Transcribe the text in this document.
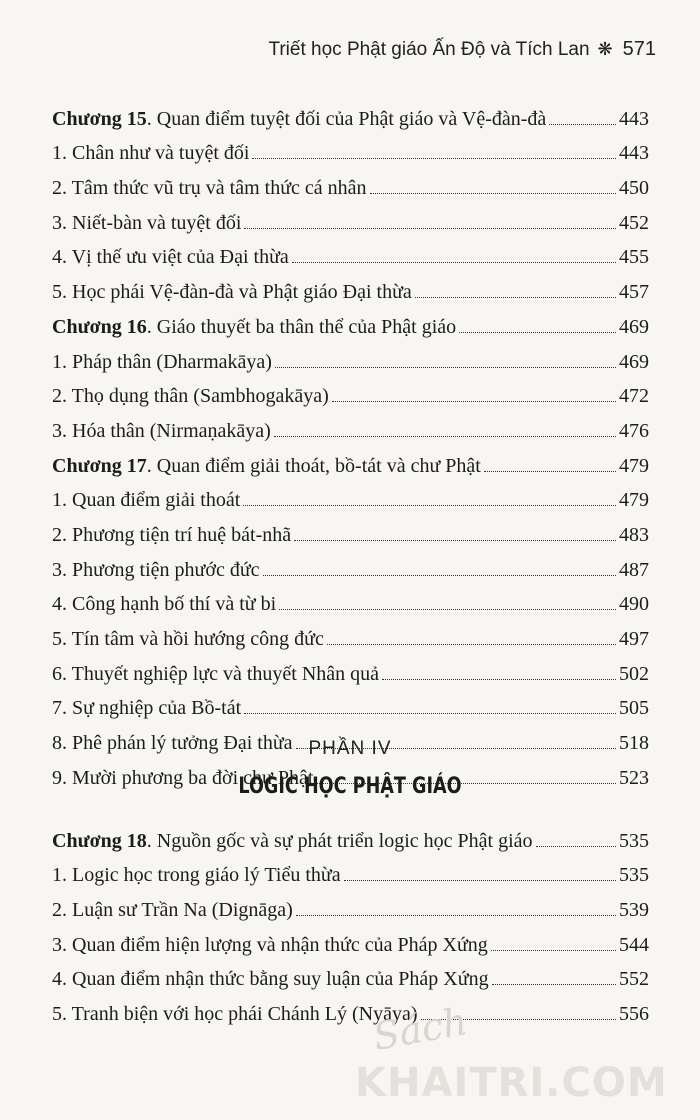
Triết học Phật giáo Ấn Độ và Tích Lan ❋ 571
Chương 15. Quan điểm tuyệt đối của Phật giáo và Vệ-đàn-đà	443
1. Chân như và tuyệt đối	443
2. Tâm thức vũ trụ và tâm thức cá nhân	450
3. Niết-bàn và tuyệt đối	452
4. Vị thế ưu việt của Đại thừa	455
5. Học phái Vệ-đàn-đà và Phật giáo Đại thừa	457
Chương 16. Giáo thuyết ba thân thể của Phật giáo	469
1. Pháp thân (Dharmakāya)	469
2. Thọ dụng thân (Sambhogakāya)	472
3. Hóa thân (Nirmaṇakāya)	476
Chương 17. Quan điểm giải thoát, bồ-tát và chư Phật	479
1. Quan điểm giải thoát	479
2. Phương tiện trí huệ bát-nhã	483
3. Phương tiện phước đức	487
4. Công hạnh bố thí và từ bi	490
5. Tín tâm và hồi hướng công đức	497
6. Thuyết nghiệp lực và thuyết Nhân quả	502
7. Sự nghiệp của Bồ-tát	505
8. Phê phán lý tưởng Đại thừa	518
9. Mười phương ba đời chư Phật	523
PHẦN IV
LOGIC HỌC PHẬT GIÁO
Chương 18. Nguồn gốc và sự phát triển logic học Phật giáo	535
1. Logic học trong giáo lý Tiểu thừa	535
2. Luận sư Trần Na (Dignāga)	539
3. Quan điểm hiện lượng và nhận thức của Pháp Xứng	544
4. Quan điểm nhận thức bằng suy luận của Pháp Xứng	552
5. Tranh biện với học phái Chánh Lý (Nyāya)	556
Sách
KHAITRI.COM
